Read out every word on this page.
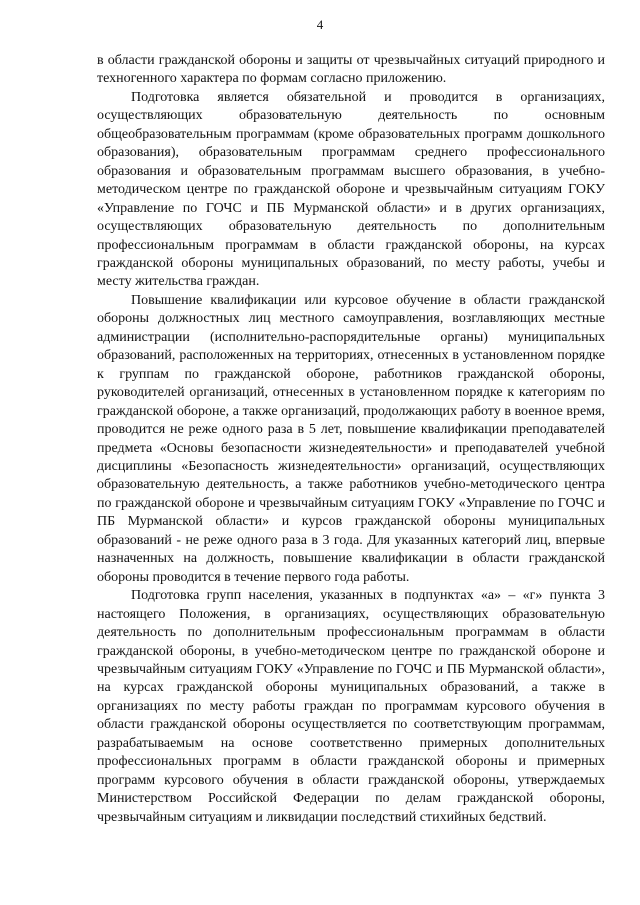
4

в области гражданской обороны и защиты от чрезвычайных ситуаций природного и техногенного характера по формам согласно приложению.

Подготовка является обязательной и проводится в организациях, осуществляющих образовательную деятельность по основным общеобразовательным программам (кроме образовательных программ дошкольного образования), образовательным программам среднего профессионального образования и образовательным программам высшего образования, в учебно-методическом центре по гражданской обороне и чрезвычайным ситуациям ГОКУ «Управление по ГОЧС и ПБ Мурманской области» и в других организациях, осуществляющих образовательную деятельность по дополнительным профессиональным программам в области гражданской обороны, на курсах гражданской обороны муниципальных образований, по месту работы, учебы и месту жительства граждан.

Повышение квалификации или курсовое обучение в области гражданской обороны должностных лиц местного самоуправления, возглавляющих местные администрации (исполнительно-распорядительные органы) муниципальных образований, расположенных на территориях, отнесенных в установленном порядке к группам по гражданской обороне, работников гражданской обороны, руководителей организаций, отнесенных в установленном порядке к категориям по гражданской обороне, а также организаций, продолжающих работу в военное время, проводится не реже одного раза в 5 лет, повышение квалификации преподавателей предмета «Основы безопасности жизнедеятельности» и преподавателей учебной дисциплины «Безопасность жизнедеятельности» организаций, осуществляющих образовательную деятельность, а также работников учебно-методического центра по гражданской обороне и чрезвычайным ситуациям ГОКУ «Управление по ГОЧС и ПБ Мурманской области» и курсов гражданской обороны муниципальных образований - не реже одного раза в 3 года. Для указанных категорий лиц, впервые назначенных на должность, повышение квалификации в области гражданской обороны проводится в течение первого года работы.

Подготовка групп населения, указанных в подпунктах «а» – «г» пункта 3 настоящего Положения, в организациях, осуществляющих образовательную деятельность по дополнительным профессиональным программам в области гражданской обороны, в учебно-методическом центре по гражданской обороне и чрезвычайным ситуациям ГОКУ «Управление по ГОЧС и ПБ Мурманской области», на курсах гражданской обороны муниципальных образований, а также в организациях по месту работы граждан по программам курсового обучения в области гражданской обороны осуществляется по соответствующим программам, разрабатываемым на основе соответственно примерных дополнительных профессиональных программ в области гражданской обороны и примерных программ курсового обучения в области гражданской обороны, утверждаемых Министерством Российской Федерации по делам гражданской обороны, чрезвычайным ситуациям и ликвидации последствий стихийных бедствий.
